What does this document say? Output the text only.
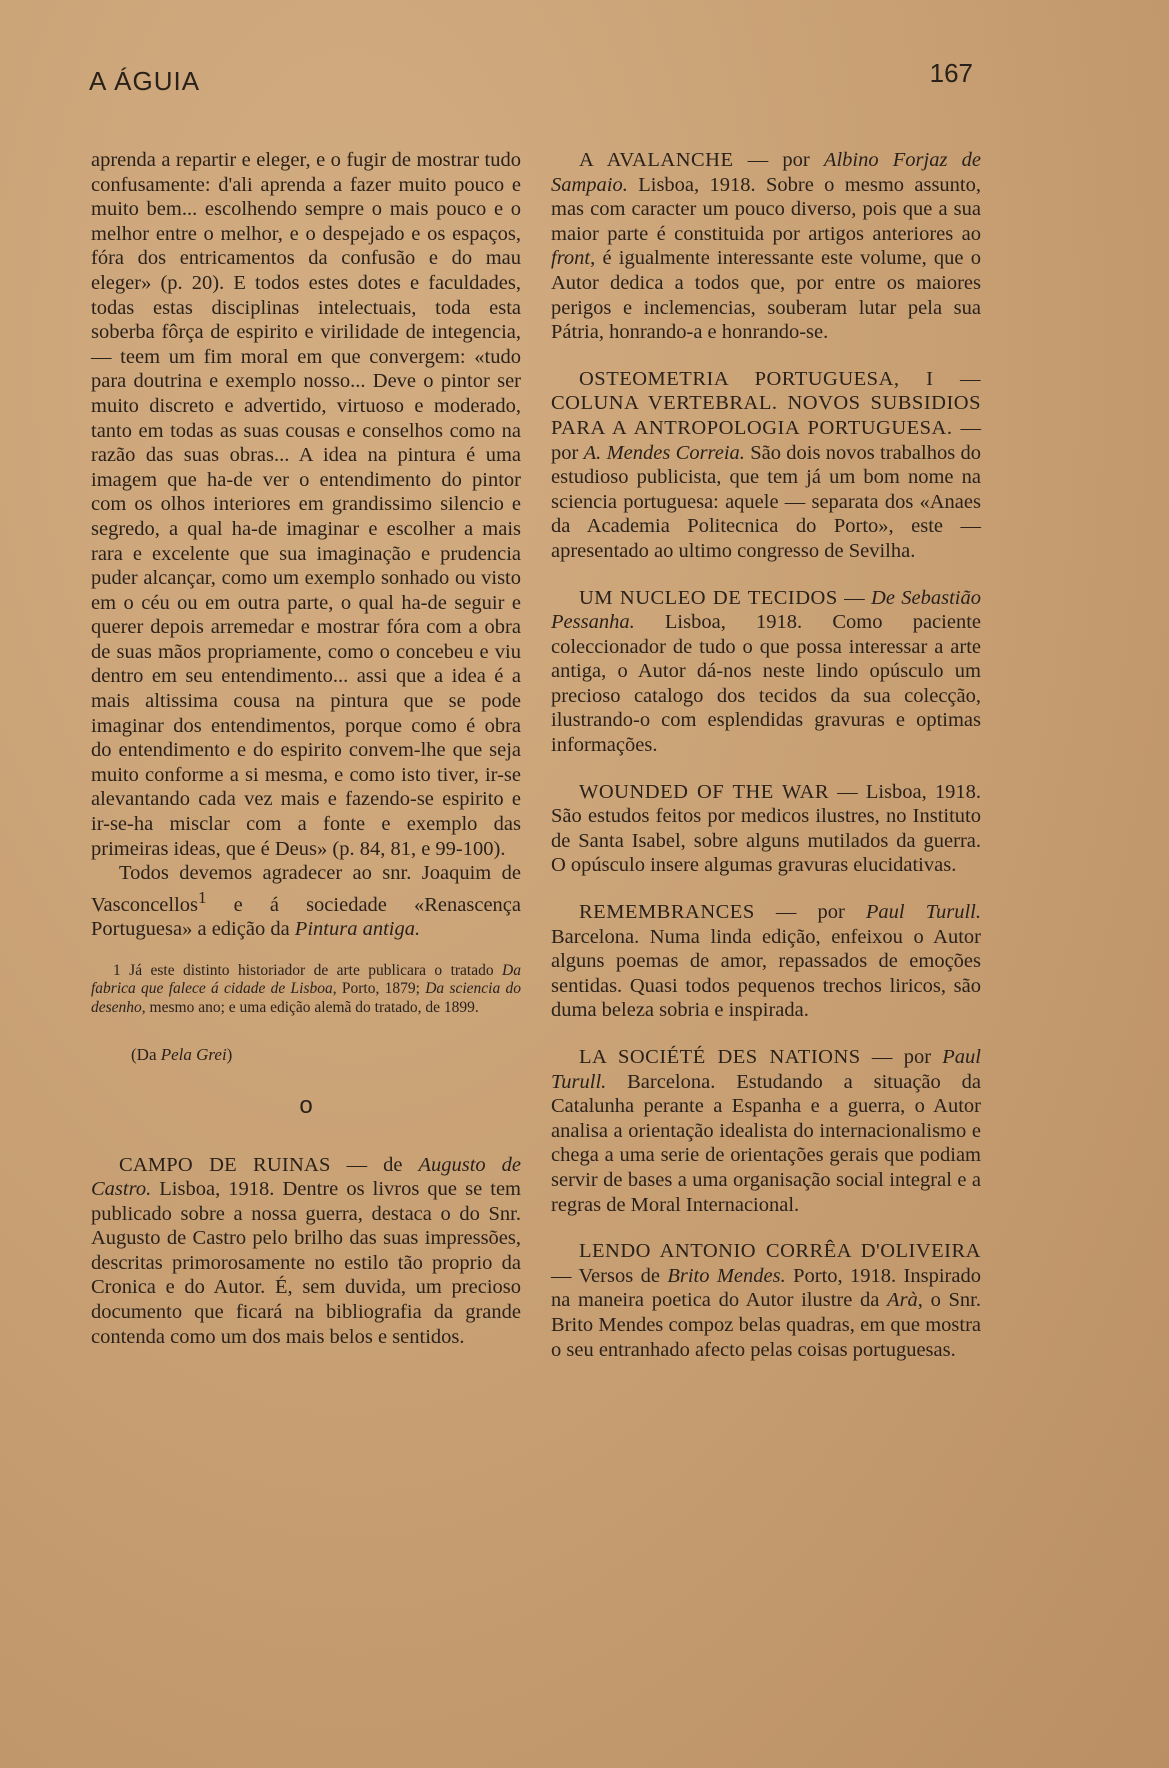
A ÁGUIA	167

aprenda a repartir e eleger, e o fugir de mostrar tudo confusamente: d'ali aprenda a fazer muito pouco e muito bem... escolhendo sempre o mais pouco e o melhor entre o melhor, e o despejado e os espaços, fóra dos entricamentos da confusão e do mau eleger» (p. 20). E todos estes dotes e faculdades, todas estas disciplinas intelectuais, toda esta soberba fôrça de espirito e virilidade de integencia, — teem um fim moral em que convergem: «tudo para doutrina e exemplo nosso... Deve o pintor ser muito discreto e advertido, virtuoso e moderado, tanto em todas as suas cousas e conselhos como na razão das suas obras... A idea na pintura é uma imagem que ha-de ver o entendimento do pintor com os olhos interiores em grandissimo silencio e segredo, a qual ha-de imaginar e escolher a mais rara e excelente que sua imaginação e prudencia puder alcançar, como um exemplo sonhado ou visto em o céu ou em outra parte, o qual ha-de seguir e querer depois arremedar e mostrar fóra com a obra de suas mãos propriamente, como o concebeu e viu dentro em seu entendimento... assi que a idea é a mais altissima cousa na pintura que se pode imaginar dos entendimentos, porque como é obra do entendimento e do espirito convem-lhe que seja muito conforme a si mesma, e como isto tiver, ir-se alevantando cada vez mais e fazendo-se espirito e ir-se-ha misclar com a fonte e exemplo das primeiras ideas, que é Deus» (p. 84, 81, e 99-100).

Todos devemos agradecer ao snr. Joaquim de Vasconcellos$^1$ e á sociedade «Renascença Portuguesa» a edição da Pintura antiga.

1 Já este distinto historiador de arte publicara o tratado Da fabrica que falece á cidade de Lisboa, Porto, 1879; Da sciencia do desenho, mesmo ano; e uma edição alemã do tratado, de 1899.

(Da Pela Grei)

o

CAMPO DE RUINAS — de Augusto de Castro. Lisboa, 1918. Dentre os livros que se tem publicado sobre a nossa guerra, destaca o do Snr. Augusto de Castro pelo brilho das suas impressões, descritas primorosamente no estilo tão proprio da Cronica e do Autor. É, sem duvida, um precioso documento que ficará na bibliografia da grande contenda como um dos mais belos e sentidos.

A AVALANCHE — por Albino Forjaz de Sampaio. Lisboa, 1918. Sobre o mesmo assunto, mas com caracter um pouco diverso, pois que a sua maior parte é constituida por artigos anteriores ao front, é igualmente interessante este volume, que o Autor dedica a todos que, por entre os maiores perigos e inclemencias, souberam lutar pela sua Pátria, honrando-a e honrando-se.

OSTEOMETRIA PORTUGUESA, I — COLUNA VERTEBRAL. NOVOS SUBSIDIOS PARA A ANTROPOLOGIA PORTUGUESA. — por A. Mendes Correia. São dois novos trabalhos do estudioso publicista, que tem já um bom nome na sciencia portuguesa: aquele — separata dos «Anaes da Academia Politecnica do Porto», este — apresentado ao ultimo congresso de Sevilha.

UM NUCLEO DE TECIDOS — De Sebastião Pessanha. Lisboa, 1918. Como paciente coleccionador de tudo o que possa interessar a arte antiga, o Autor dá-nos neste lindo opúsculo um precioso catalogo dos tecidos da sua colecção, ilustrando-o com esplendidas gravuras e optimas informações.

WOUNDED OF THE WAR — Lisboa, 1918. São estudos feitos por medicos ilustres, no Instituto de Santa Isabel, sobre alguns mutilados da guerra. O opúsculo insere algumas gravuras elucidativas.

REMEMBRANCES — por Paul Turull. Barcelona. Numa linda edição, enfeixou o Autor alguns poemas de amor, repassados de emoções sentidas. Quasi todos pequenos trechos liricos, são duma beleza sobria e inspirada.

LA SOCIÉTÉ DES NATIONS — por Paul Turull. Barcelona. Estudando a situação da Catalunha perante a Espanha e a guerra, o Autor analisa a orientação idealista do internacionalismo e chega a uma serie de orientações gerais que podiam servir de bases a uma organisação social integral e a regras de Moral Internacional.

LENDO ANTONIO CORRÊA D'OLIVEIRA — Versos de Brito Mendes. Porto, 1918. Inspirado na maneira poetica do Autor ilustre da Arà, o Snr. Brito Mendes compoz belas quadras, em que mostra o seu entranhado afecto pelas coisas portuguesas.
